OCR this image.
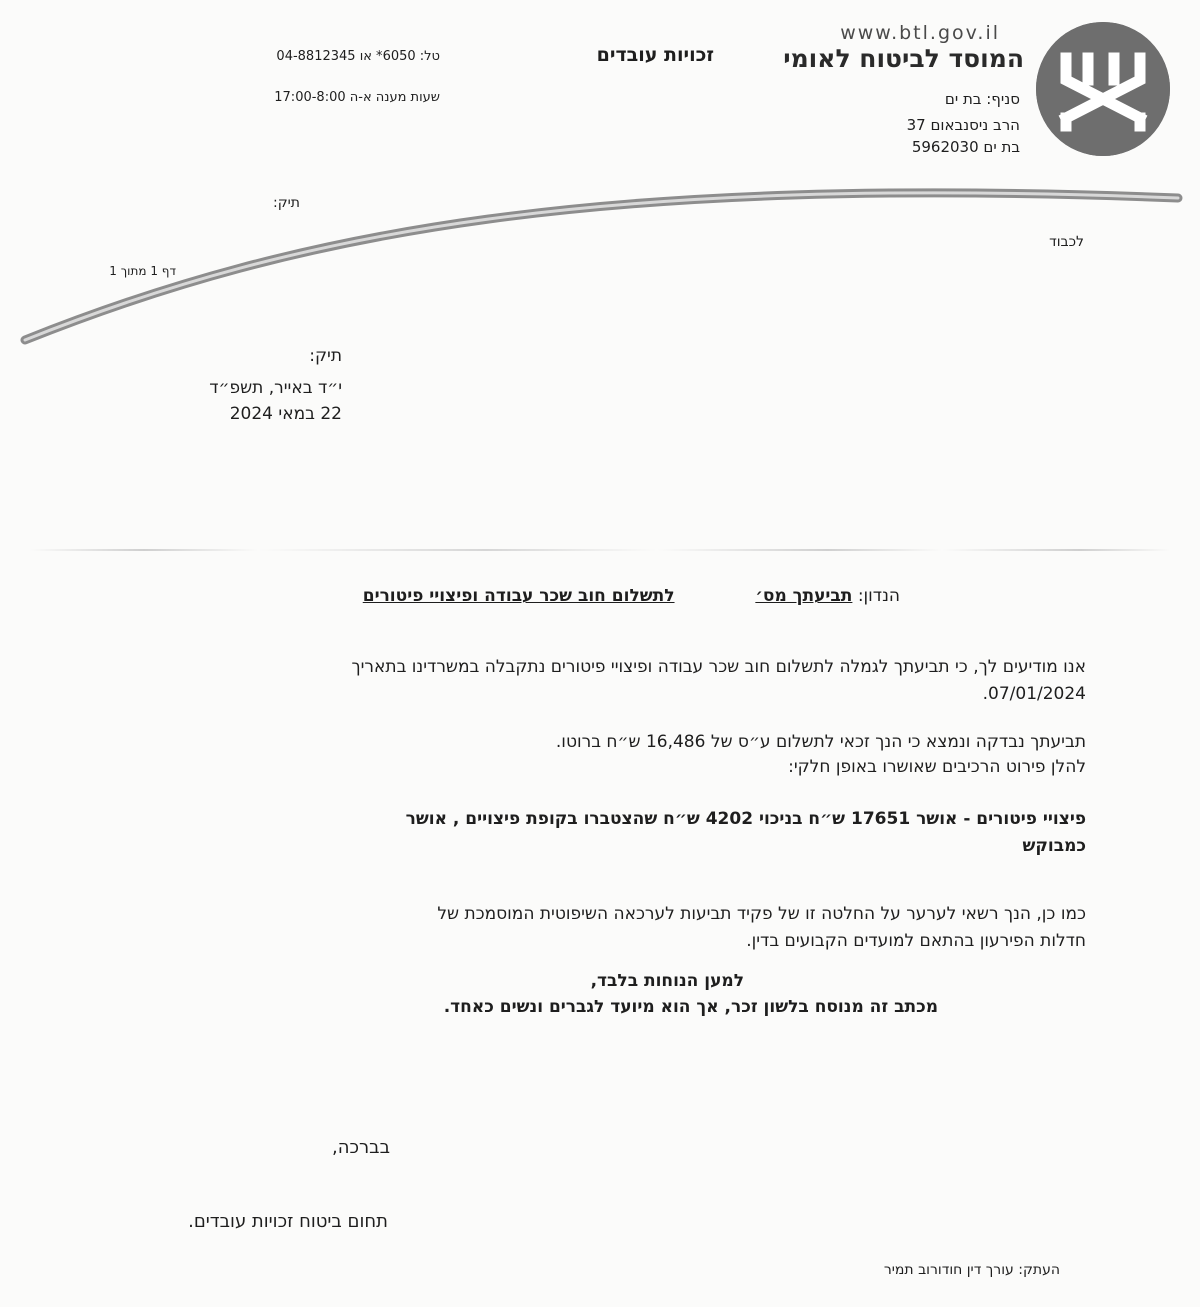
www.btl.gov.il
המוסד לביטוח לאומי
סניף: בת ים
הרב ניסנבאום 37
בת ים 5962030
זכויות עובדים
טל: 6050* או 04-8812345
שעות מענה א-ה 17:00-8:00
תיק:
לכבוד
דף 1 מתוך 1
תיק:
י״ד באייר, תשפ״ד
22 במאי 2024
הנדון: תביעתך מס׳  לתשלום חוב שכר עבודה ופיצויי פיטורים
אנו מודיעים לך, כי תביעתך לגמלה לתשלום חוב שכר עבודה ופיצויי פיטורים נתקבלה במשרדינו בתאריך
07/01/2024.
תביעתך נבדקה ונמצא כי הנך זכאי לתשלום ע״ס של 16,486 ש״ח ברוטו.
להלן פירוט הרכיבים שאושרו באופן חלקי:
פיצויי פיטורים - אושר 17651 ש״ח בניכוי 4202 ש״ח שהצטברו בקופת פיצויים , אושר
כמבוקש
כמו כן, הנך רשאי לערער על החלטה זו של פקיד תביעות לערכאה השיפוטית המוסמכת של
חדלות הפירעון בהתאם למועדים הקבועים בדין.
למען הנוחות בלבד,
מכתב זה מנוסח בלשון זכר, אך הוא מיועד לגברים ונשים כאחד.
בברכה,
תחום ביטוח זכויות עובדים.
העתק: עורך דין חודורוב תמיר
